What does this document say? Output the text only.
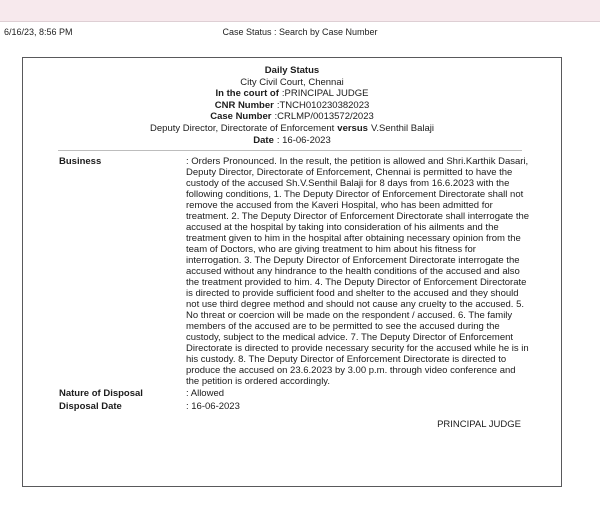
6/16/23, 8:56 PM	Case Status : Search by Case Number
Daily Status
City Civil Court, Chennai
In the court of :PRINCIPAL JUDGE
CNR Number :TNCH010230382023
Case Number :CRLMP/0013572/2023
Deputy Director, Directorate of Enforcement versus V.Senthil Balaji
Date : 16-06-2023
Business	: Orders Pronounced. In the result, the petition is allowed and Shri.Karthik Dasari, Deputy Director, Directorate of Enforcement, Chennai is permitted to have the custody of the accused Sh.V.Senthil Balaji for 8 days from 16.6.2023 with the following conditions, 1. The Deputy Director of Enforcement Directorate shall not remove the accused from the Kaveri Hospital, who has been admitted for treatment. 2. The Deputy Director of Enforcement Directorate shall interrogate the accused at the hospital by taking into consideration of his ailments and the treatment given to him in the hospital after obtaining necessary opinion from the team of Doctors, who are giving treatment to him about his fitness for interrogation. 3. The Deputy Director of Enforcement Directorate interrogate the accused without any hindrance to the health conditions of the accused and also the treatment provided to him. 4. The Deputy Director of Enforcement Directorate is directed to provide sufficient food and shelter to the accused and they should not use third degree method and should not cause any cruelty to the accused. 5. No threat or coercion will be made on the respondent / accused. 6. The family members of the accused are to be permitted to see the accused during the custody, subject to the medical advice. 7. The Deputy Director of Enforcement Directorate is directed to provide necessary security for the accused while he is in his custody. 8. The Deputy Director of Enforcement Directorate is directed to produce the accused on 23.6.2023 by 3.00 p.m. through video conference and the petition is ordered accordingly.
Nature of Disposal	: Allowed
Disposal Date	: 16-06-2023
PRINCIPAL JUDGE
